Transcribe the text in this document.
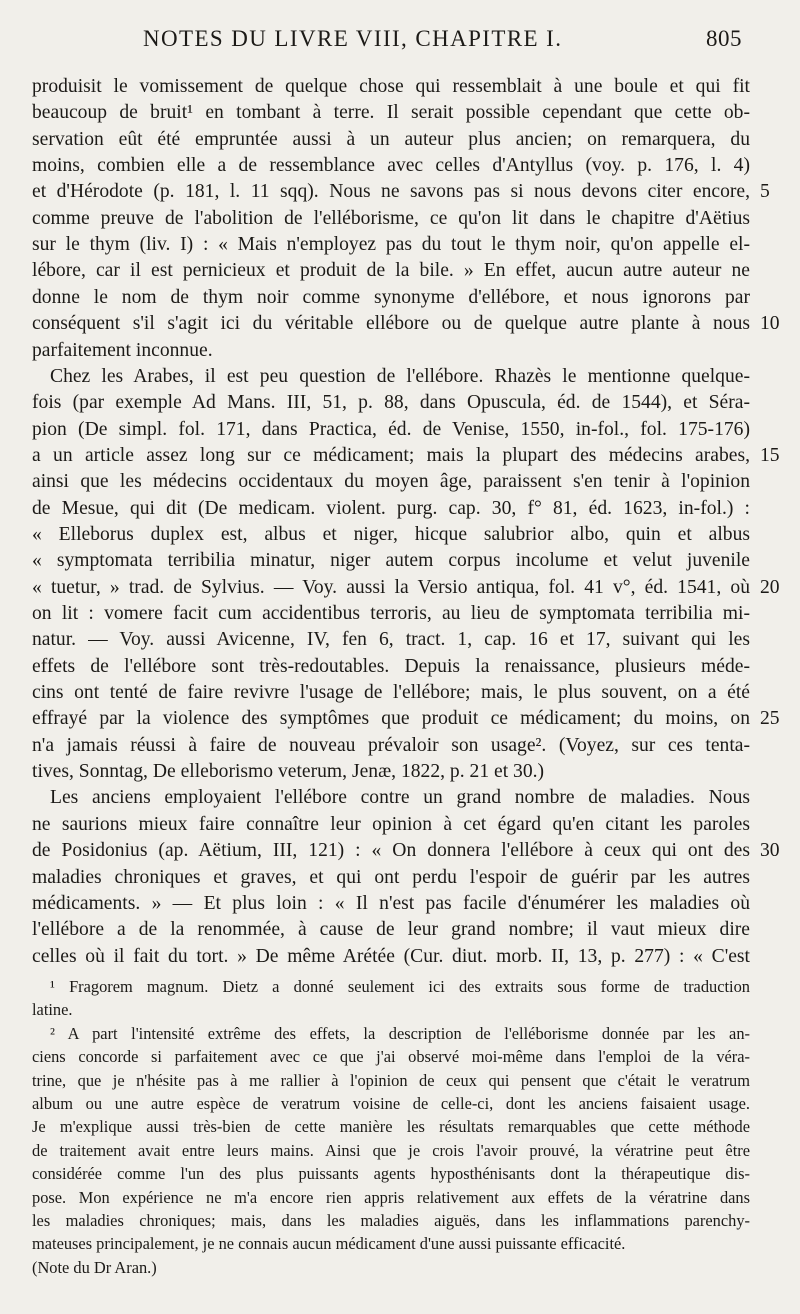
NOTES DU LIVRE VIII, CHAPITRE I.	805
produisit le vomissement de quelque chose qui ressemblait à une boule et qui fit
beaucoup de bruit¹ en tombant à terre. Il serait possible cependant que cette ob-
servation eût été empruntée aussi à un auteur plus ancien; on remarquera, du
moins, combien elle a de ressemblance avec celles d'Antyllus (voy. p. 176, l. 4)
et d'Hérodote (p. 181, l. 11 sqq). Nous ne savons pas si nous devons citer encore,
comme preuve de l'abolition de l'elléborisme, ce qu'on lit dans le chapitre d'Aëtius
sur le thym (liv. I) : « Mais n'employez pas du tout le thym noir, qu'on appelle el-
lébore, car il est pernicieux et produit de la bile. » En effet, aucun autre auteur ne
donne le nom de thym noir comme synonyme d'ellébore, et nous ignorons par
conséquent s'il s'agit ici du véritable ellébore ou de quelque autre plante à nous
parfaitement inconnue.
Chez les Arabes, il est peu question de l'ellébore. Rhazès le mentionne quelque-
fois (par exemple Ad Mans. III, 51, p. 88, dans Opuscula, éd. de 1544), et Séra-
pion (De simpl. fol. 171, dans Practica, éd. de Venise, 1550, in-fol., fol. 175-176)
a un article assez long sur ce médicament; mais la plupart des médecins arabes,
ainsi que les médecins occidentaux du moyen âge, paraissent s'en tenir à l'opinion
de Mesue, qui dit (De medicam. violent. purg. cap. 30, f° 81, éd. 1623, in-fol.) :
« Elleborus duplex est, albus et niger, hicque salubrior albo, quin et albus
« symptomata terribilia minatur, niger autem corpus incolume et velut juvenile
« tuetur, » trad. de Sylvius. — Voy. aussi la Versio antiqua, fol. 41 v°, éd. 1541, où
on lit : vomere facit cum accidentibus terroris, au lieu de symptomata terribilia mi-
natur. — Voy. aussi Avicenne, IV, fen 6, tract. 1, cap. 16 et 17, suivant qui les
effets de l'ellébore sont très-redoutables. Depuis la renaissance, plusieurs méde-
cins ont tenté de faire revivre l'usage de l'ellébore; mais, le plus souvent, on a été
effrayé par la violence des symptômes que produit ce médicament; du moins, on
n'a jamais réussi à faire de nouveau prévaloir son usage². (Voyez, sur ces tenta-
tives, Sonntag, De elleborismo veterum, Jenæ, 1822, p. 21 et 30.)
Les anciens employaient l'ellébore contre un grand nombre de maladies. Nous
ne saurions mieux faire connaître leur opinion à cet égard qu'en citant les paroles
de Posidonius (ap. Aëtium, III, 121) : « On donnera l'ellébore à ceux qui ont des
maladies chroniques et graves, et qui ont perdu l'espoir de guérir par les autres
médicaments. » — Et plus loin : « Il n'est pas facile d'énumérer les maladies où
l'ellébore a de la renommée, à cause de leur grand nombre; il vaut mieux dire
celles où il fait du tort. » De même Arétée (Cur. diut. morb. II, 13, p. 277) : « C'est
5
10
15
20
25
30
¹ Fragorem magnum. Dietz a donné seulement ici des extraits sous forme de traduction
latine.
² A part l'intensité extrême des effets, la description de l'elléborisme donnée par les an-
ciens concorde si parfaitement avec ce que j'ai observé moi-même dans l'emploi de la véra-
trine, que je n'hésite pas à me rallier à l'opinion de ceux qui pensent que c'était le veratrum
album ou une autre espèce de veratrum voisine de celle-ci, dont les anciens faisaient usage.
Je m'explique aussi très-bien de cette manière les résultats remarquables que cette méthode
de traitement avait entre leurs mains. Ainsi que je crois l'avoir prouvé, la vératrine peut être
considérée comme l'un des plus puissants agents hyposthénisants dont la thérapeutique dis-
pose. Mon expérience ne m'a encore rien appris relativement aux effets de la vératrine dans
les maladies chroniques; mais, dans les maladies aiguës, dans les inflammations parenchy-
mateuses principalement, je ne connais aucun médicament d'une aussi puissante efficacité.
(Note du Dr Aran.)
